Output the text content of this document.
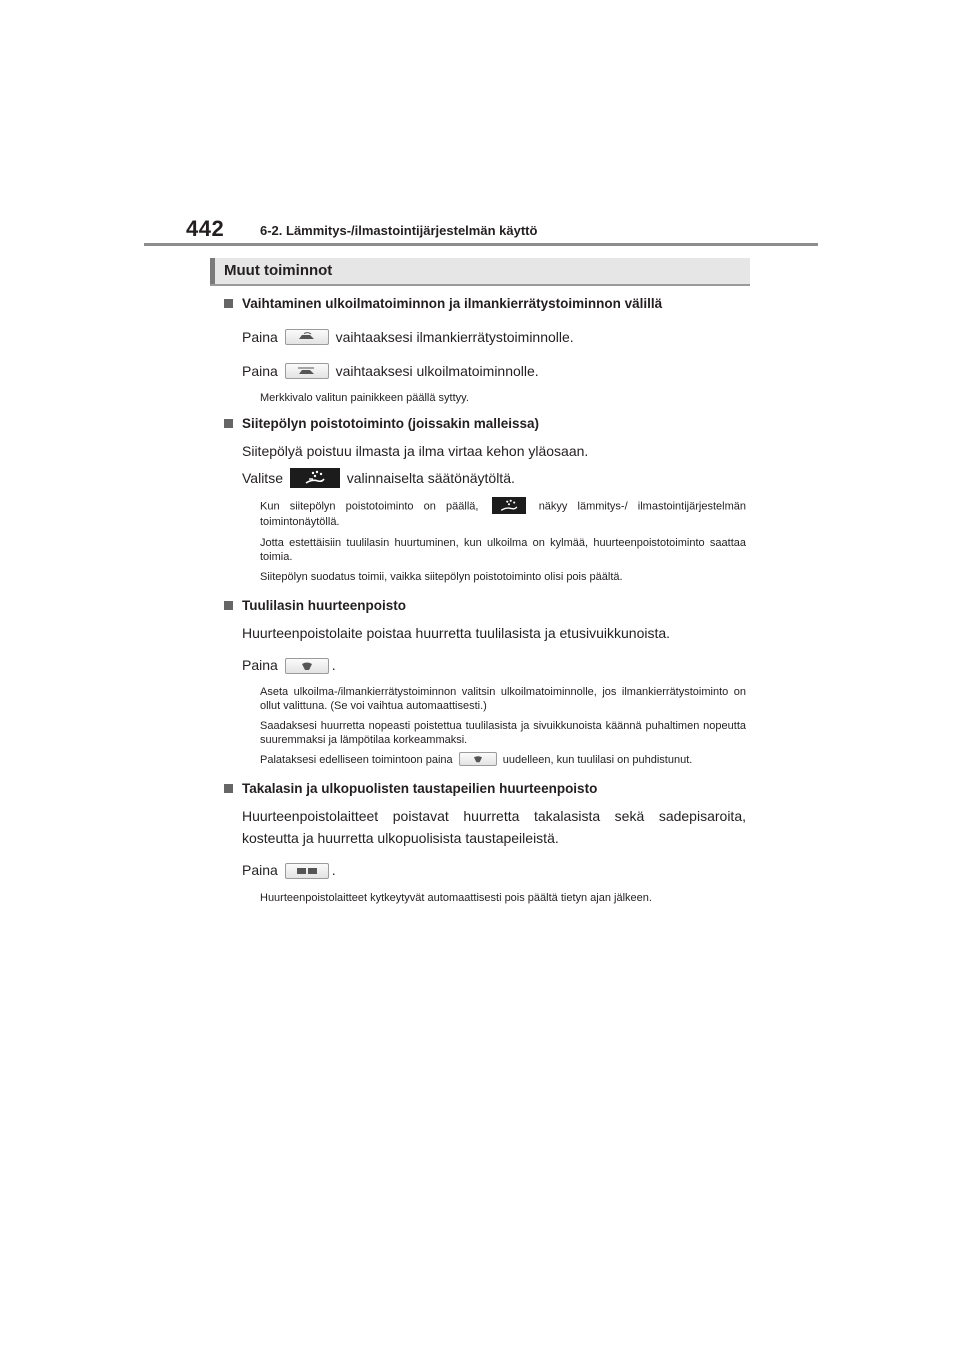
442	6-2. Lämmitys-/ilmastointijärjestelmän käyttö
Muut toiminnot
Vaihtaminen ulkoilmatoiminnon ja ilmankierrätystoiminnon välillä
Paina	vaihtaaksesi ilmankierrätystoiminnolle.
Paina	vaihtaaksesi ulkoilmatoiminnolle.
Merkkivalo valitun painikkeen päällä syttyy.
Siitepölyn poistotoiminto (joissakin malleissa)
Siitepölyä poistuu ilmasta ja ilma virtaa kehon yläosaan.
Valitse	valinnaiselta säätönäytöltä.
Kun siitepölyn poistotoiminto on päällä,	näkyy lämmitys-/ ilmastointijärjestelmän toimintonäytöllä.
Jotta estettäisiin tuulilasin huurtuminen, kun ulkoilma on kylmää, huurteenpoistotoiminto saattaa toimia.
Siitepölyn suodatus toimii, vaikka siitepölyn poistotoiminto olisi pois päältä.
Tuulilasin huurteenpoisto
Huurteenpoistolaite poistaa huurretta tuulilasista ja etusivuikkunoista.
Paina	.
Aseta ulkoilma-/ilmankierrätystoiminnon valitsin ulkoilmatoiminnolle, jos ilmankierrätystoiminto on ollut valittuna. (Se voi vaihtua automaattisesti.)
Saadaksesi huurretta nopeasti poistettua tuulilasista ja sivuikkunoista käännä puhaltimen nopeutta suuremmaksi ja lämpötilaa korkeammaksi.
Palataksesi edelliseen toimintoon paina	uudelleen, kun tuulilasi on puhdistunut.
Takalasin ja ulkopuolisten taustapeilien huurteenpoisto
Huurteenpoistolaitteet poistavat huurretta takalasista sekä sadepisaroita, kosteutta ja huurretta ulkopuolisista taustapeileistä.
Paina	.
Huurteenpoistolaitteet kytkeytyvät automaattisesti pois päältä tietyn ajan jälkeen.
